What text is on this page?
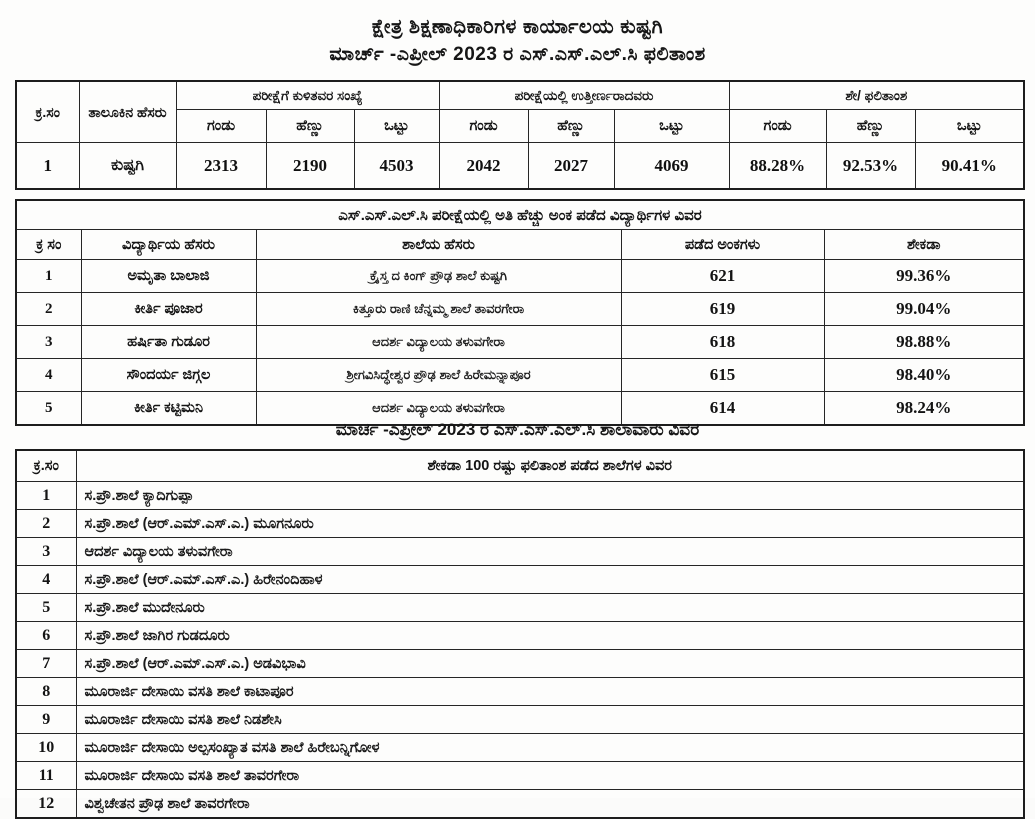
ಕ್ಷೇತ್ರ ಶಿಕ್ಷಣಾಧಿಕಾರಿಗಳ ಕಾರ್ಯಾಲಯ ಕುಷ್ಟಗಿ
ಮಾರ್ಚ್ -ಎಪ್ರೀಲ್ 2023 ರ ಎಸ್.ಎಸ್.ಎಲ್.ಸಿ ಫಲಿತಾಂಶ
ಕ್ರ.ಸಂ	ತಾಲೂಕಿನ ಹೆಸರು	ಪರೀಕ್ಷೆಗೆ ಕುಳಿತವರ ಸಂಖ್ಯೆ			ಪರೀಕ್ಷೆಯಲ್ಲಿ ಉತ್ತೀರ್ಣರಾದವರು			ಶೇ/ ಫಲಿತಾಂಶ		
		ಗಂಡು	ಹೆಣ್ಣು	ಒಟ್ಟು	ಗಂಡು	ಹೆಣ್ಣು	ಒಟ್ಟು	ಗಂಡು	ಹೆಣ್ಣು	ಒಟ್ಟು
1	ಕುಷ್ಟಗಿ	2313	2190	4503	2042	2027	4069	88.28%	92.53%	90.41%
ಎಸ್.ಎಸ್.ಎಲ್.ಸಿ ಪರೀಕ್ಷೆಯಲ್ಲಿ ಅತಿ ಹೆಚ್ಚು ಅಂಕ ಪಡೆದ ವಿದ್ಯಾರ್ಥಿಗಳ ವಿವರ				
ಕ್ರ ಸಂ	ವಿದ್ಯಾರ್ಥಿಯ ಹೆಸರು	ಶಾಲೆಯ ಹೆಸರು	ಪಡೆದ ಅಂಕಗಳು	ಶೇಕಡಾ
1	ಅಮೃತಾ ಬಾಲಾಜಿ	ಕ್ರೈಸ್ತ ದ ಕಿಂಗ್ ಪ್ರೌಢ ಶಾಲೆ ಕುಷ್ಟಗಿ	621	99.36%
2	ಕೀರ್ತಿ ಪೂಜಾರ	ಕಿತ್ತೂರು ರಾಣಿ ಚೆನ್ನಮ್ಮ ಶಾಲೆ ತಾವರಗೇರಾ	619	99.04%
3	ಹರ್ಷಿತಾ ಗುಡೂರ	ಆದರ್ಶ ವಿದ್ಯಾಲಯ ತಳುವಗೇರಾ	618	98.88%
4	ಸೌಂದರ್ಯ ಜಿಗ್ಗಲ	ಶ್ರೀಗವಿಸಿದ್ಧೇಶ್ವರ ಪ್ರೌಢ ಶಾಲೆ ಹಿರೇಮನ್ನಾಪೂರ	615	98.40%
5	ಕೀರ್ತಿ ಕಟ್ಟಿಮನಿ	ಆದರ್ಶ ವಿದ್ಯಾಲಯ ತಳುವಗೇರಾ	614	98.24%
ಮಾರ್ಚ -ಎಪ್ರೀಲ್ 2023 ರ ಎಸ್.ಎಸ್.ಎಲ್.ಸಿ ಶಾಲಾವಾರು ವಿವರ
ಕ್ರ.ಸಂ	ಶೇಕಡಾ 100 ರಷ್ಟು ಫಲಿತಾಂಶ ಪಡೆದ ಶಾಲೆಗಳ ವಿವರ
1	ಸ.ಪ್ರೌ.ಶಾಲೆ ಕ್ಯಾದಿಗುಪ್ಪಾ
2	ಸ.ಪ್ರೌ.ಶಾಲೆ (ಆರ್.ಎಮ್.ಎಸ್.ಎ.) ಮೂಗನೂರು
3	ಆದರ್ಶ ವಿದ್ಯಾಲಯ ತಳುವಗೇರಾ
4	ಸ.ಪ್ರೌ.ಶಾಲೆ (ಆರ್.ಎಮ್.ಎಸ್.ಎ.) ಹಿರೇನಂದಿಹಾಳ
5	ಸ.ಪ್ರೌ.ಶಾಲೆ ಮುದೇನೂರು
6	ಸ.ಪ್ರೌ.ಶಾಲೆ ಜಾಗಿರ ಗುಡದೂರು
7	ಸ.ಪ್ರೌ.ಶಾಲೆ (ಆರ್.ಎಮ್.ಎಸ್.ಎ.) ಅಡವಿಭಾವಿ
8	ಮೂರಾರ್ಜಿ ದೇಸಾಯಿ ವಸತಿ ಶಾಲೆ ಕಾಟಾಪೂರ
9	ಮೂರಾರ್ಜಿ ದೇಸಾಯಿ ವಸತಿ ಶಾಲೆ ನಿಡಶೇಸಿ
10	ಮೂರಾರ್ಜಿ ದೇಸಾಯಿ ಅಲ್ಪಸಂಖ್ಯಾತ ವಸತಿ ಶಾಲೆ ಹಿರೇಬನ್ನಿಗೋಳ
11	ಮೂರಾರ್ಜಿ ದೇಸಾಯಿ ವಸತಿ ಶಾಲೆ ತಾವರಗೇರಾ
12	ವಿಶ್ವಚೇತನ ಪ್ರೌಢ ಶಾಲೆ ತಾವರಗೇರಾ
